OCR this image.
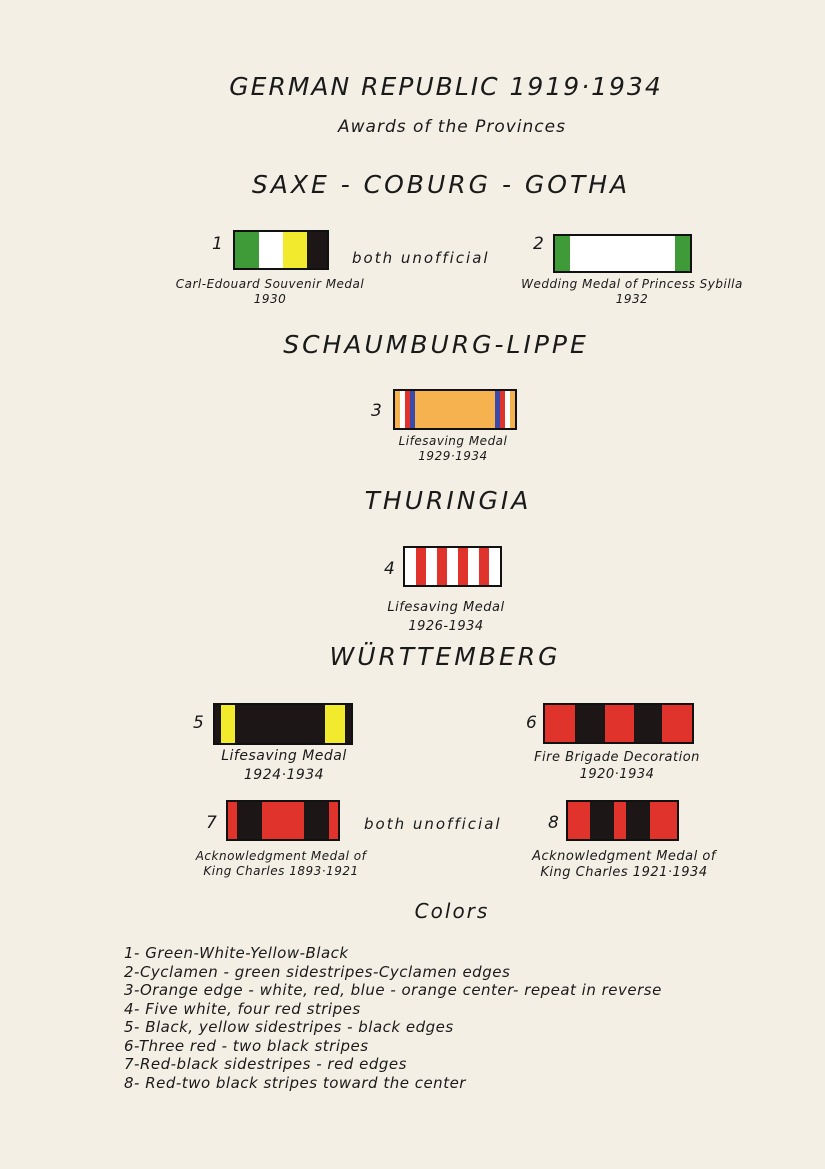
GERMAN REPUBLIC 1919·1934
Awards of the Provinces
SAXE - COBURG - GOTHA
1
Carl-Edouard Souvenir Medal
1930
both unofficial
2
Wedding Medal of Princess Sybilla
1932
SCHAUMBURG-LIPPE
3
Lifesaving Medal
1929·1934
THURINGIA
4
Lifesaving Medal
1926-1934
WÜRTTEMBERG
5
Lifesaving Medal
1924·1934
6
Fire Brigade Decoration
1920·1934
7
Acknowledgment Medal of
King Charles 1893·1921
both unofficial	8
Acknowledgment Medal of
King Charles 1921·1934
Colors
1- Green-White-Yellow-Black
2-Cyclamen - green sidestripes-Cyclamen edges
3-Orange edge - white, red, blue - orange center- repeat in reverse
4- Five white, four red stripes
5- Black, yellow sidestripes - black edges
6-Three red - two black stripes
7-Red-black sidestripes - red edges
8- Red-two black stripes toward the center
